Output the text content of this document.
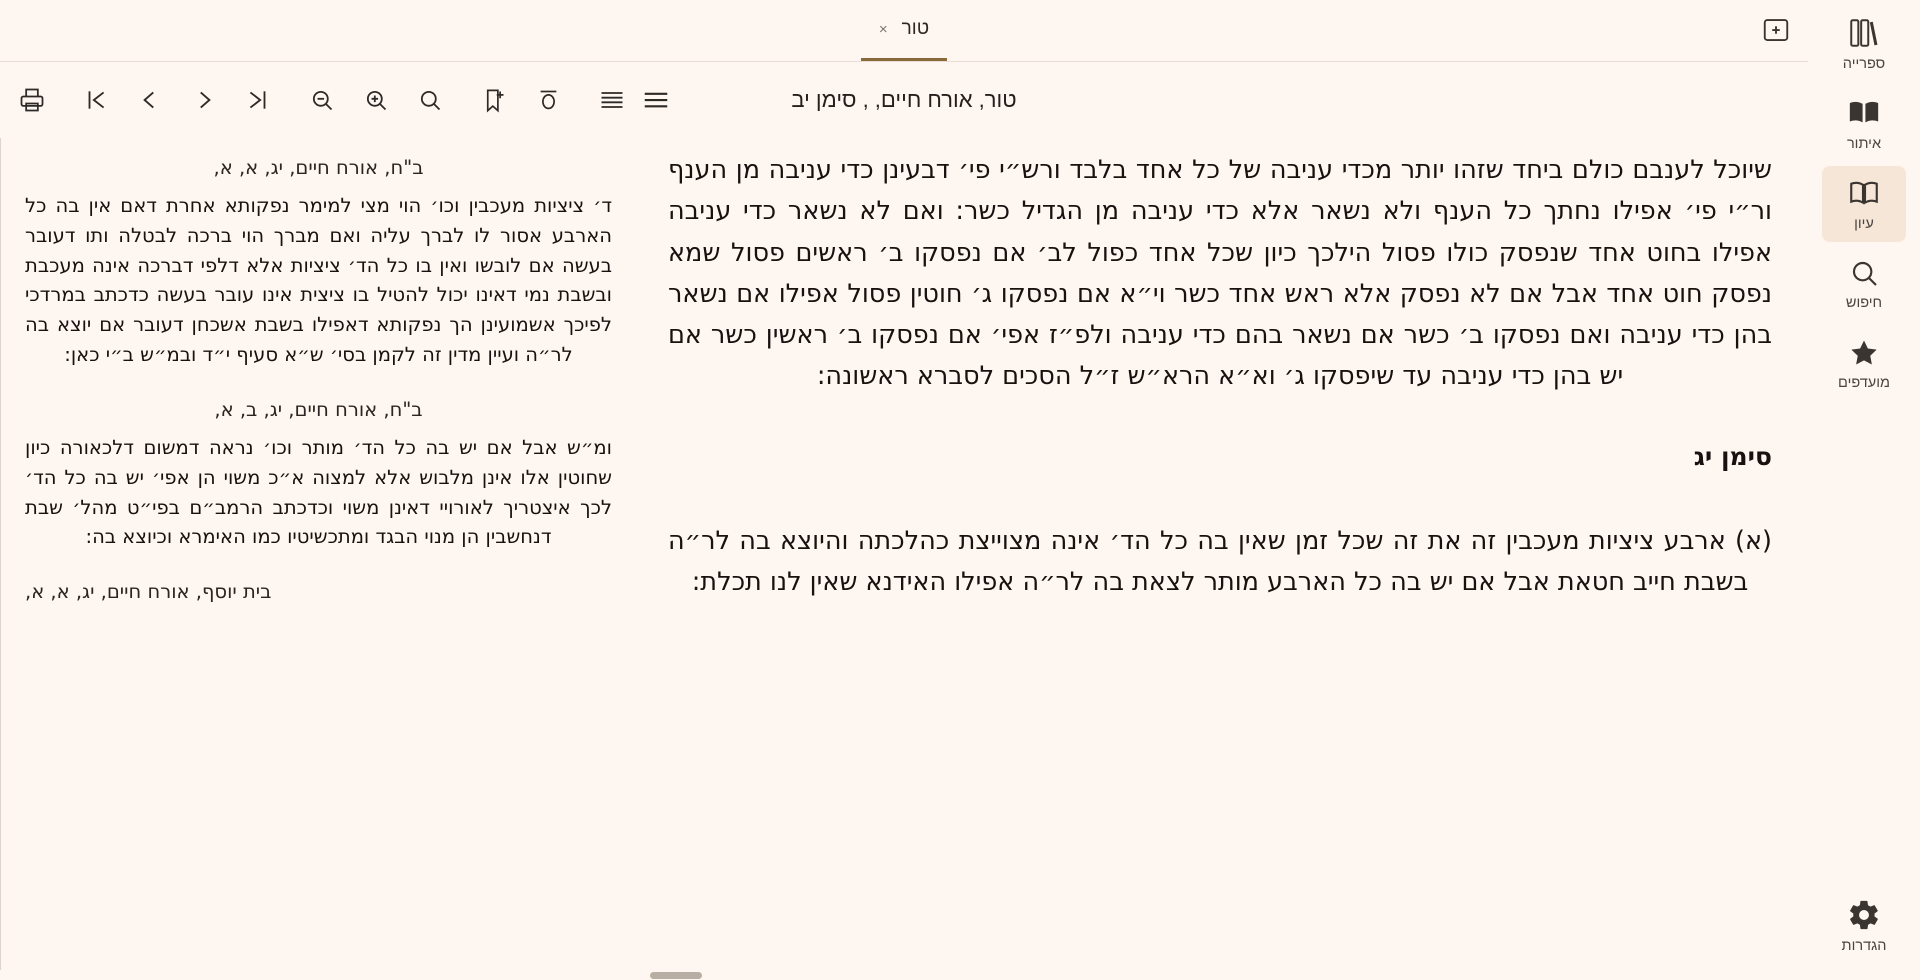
ספרייה
איתור
עיון
חיפוש
מועדפים
הגדרות
טור
×
טור, אורח חיים, , סימן יב

שיוכל לענבם כולם ביחד שזהו יותר מכדי עניבה של כל אחד בלבד ורש״י פי׳ דבעינן כדי עניבה מן הענף ור״י פי׳ אפילו נחתך כל הענף ולא נשאר אלא כדי עניבה מן הגדיל כשר: ואם לא נשאר כדי עניבה אפילו בחוט אחד שנפסק כולו פסול הילכך כיון שכל אחד כפול לב׳ אם נפסקו ב׳ ראשים פסול שמא נפסק חוט אחד אבל אם לא נפסק אלא ראש אחד כשר וי״א אם נפסקו ג׳ חוטין פסול אפילו אם נשאר בהן כדי עניבה ואם נפסקו ב׳ כשר אם נשאר בהם כדי עניבה ולפ״ז אפי׳ אם נפסקו ב׳ ראשין כשר אם יש בהן כדי עניבה עד שיפסקו ג׳ וא״א הרא״ש ז״ל הסכים לסברא ראשונה:

סימן יג

(א) ארבע ציציות מעכבין זה את זה שכל זמן שאין בה כל הד׳ אינה מצוייצת כהלכתה והיוצא בה לר״ה בשבת חייב חטאת אבל אם יש בה כל הארבע מותר לצאת בה לר״ה אפילו האידנא שאין לנו תכלת:

ב"ח, אורח חיים, יג, א, א,

ד׳ ציציות מעכבין וכו׳ הוי מצי למימר נפקותא אחרת דאם אין בה כל הארבע אסור לו לברך עליה ואם מברך הוי ברכה לבטלה ותו דעובר בעשה אם לובשו ואין בו כל הד׳ ציציות אלא דלפי דברכה אינה מעכבת ובשבת נמי דאינו יכול להטיל בו ציצית אינו עובר בעשה כדכתב במרדכי לפיכך אשמועינן הך נפקותא דאפילו בשבת אשכחן דעובר אם יוצא בה לר״ה ועיין מדין זה לקמן בסי׳ ש״א סעיף י״ד ובמ״ש ב״י כאן:

ב"ח, אורח חיים, יג, ב, א,

ומ״ש אבל אם יש בה כל הד׳ מותר וכו׳ נראה דמשום דלכאורה כיון שחוטין אלו אינן מלבוש אלא למצוה א״כ משוי הן אפי׳ יש בה כל הד׳ לכך איצטריך לאורויי דאינן משוי וכדכתב הרמב״ם בפי״ט מהל׳ שבת דנחשבין הן מנוי הבגד ומתכשיטיו כמו האימרא וכיוצא בה:

בית יוסף, אורח חיים, יג, א, א,
